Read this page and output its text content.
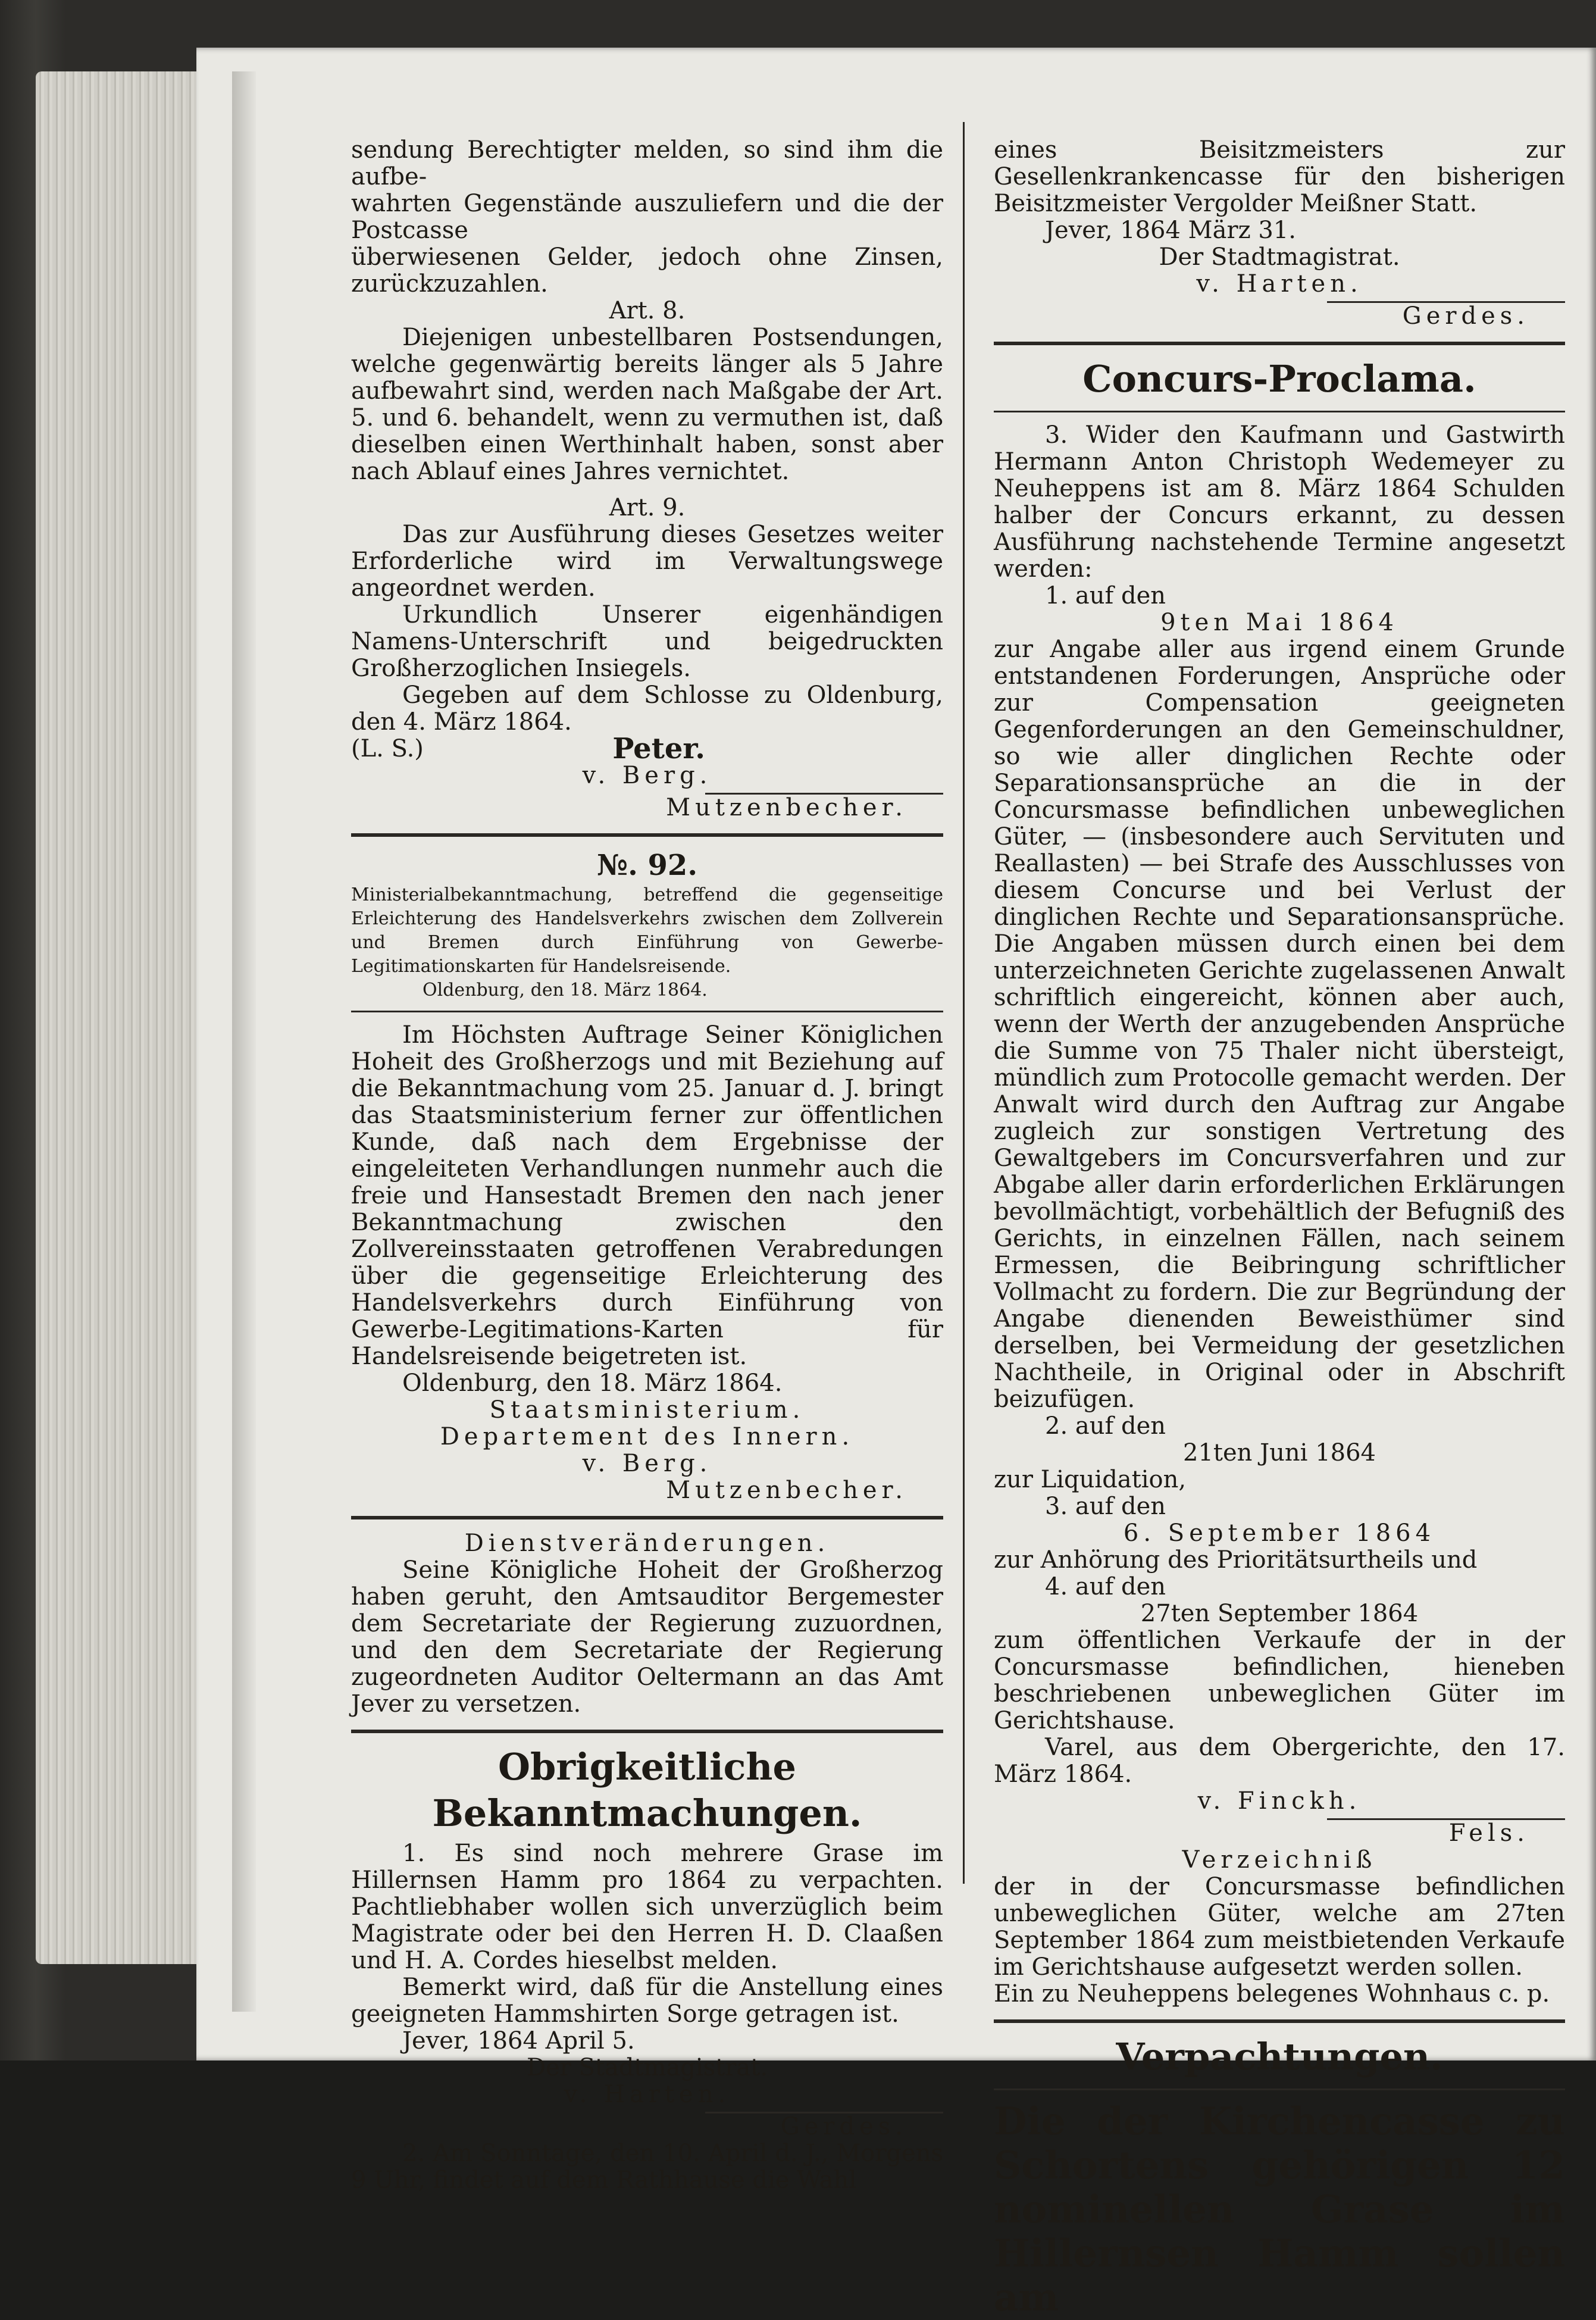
sendung Berechtigter melden, so sind ihm die aufbe-

wahrten Gegenstände auszuliefern und die der Postcasse

überwiesenen Gelder, jedoch ohne Zinsen, zurückzuzahlen.

Art. 8.

Diejenigen unbestellbaren Postsendungen, welche gegenwärtig bereits länger als 5 Jahre aufbewahrt sind, werden nach Maßgabe der Art. 5. und 6. behandelt, wenn zu vermuthen ist, daß dieselben einen Werthinhalt haben, sonst aber nach Ablauf eines Jahres vernichtet.

Art. 9.

Das zur Ausführung dieses Gesetzes weiter Erforderliche wird im Verwaltungswege angeordnet werden.

Urkundlich Unserer eigenhändigen Namens-Unterschrift und beigedruckten Großherzoglichen Insiegels.

Gegeben auf dem Schlosse zu Oldenburg, den 4. März 1864.

(L. S.)	Peter.

v. Berg.

Mutzenbecher.

№. 92.

Ministerialbekanntmachung, betreffend die gegenseitige Erleichterung des Handelsverkehrs zwischen dem Zollverein und Bremen durch Einführung von Gewerbe-Legitimationskarten für Handelsreisende.

Oldenburg, den 18. März 1864.

Im Höchsten Auftrage Seiner Königlichen Hoheit des Großherzogs und mit Beziehung auf die Bekanntmachung vom 25. Januar d. J. bringt das Staatsministerium ferner zur öffentlichen Kunde, daß nach dem Ergebnisse der eingeleiteten Verhandlungen nunmehr auch die freie und Hansestadt Bremen den nach jener Bekanntmachung zwischen den Zollvereinsstaaten getroffenen Verabredungen über die gegenseitige Erleichterung des Handelsverkehrs durch Einführung von Gewerbe-Legitimations-Karten für Handelsreisende beigetreten ist.

Oldenburg, den 18. März 1864.

Staatsministerium.

Departement des Innern.

v. Berg.

Mutzenbecher.

Dienstveränderungen.

Seine Königliche Hoheit der Großherzog haben geruht, den Amtsauditor Bergemester dem Secretariate der Regierung zuzuordnen, und den dem Secretariate der Regierung zugeordneten Auditor Oeltermann an das Amt Jever zu versetzen.

Obrigkeitliche Bekanntmachungen.

1. Es sind noch mehrere Grase im Hillernsen Hamm pro 1864 zu verpachten. Pachtliebhaber wollen sich unverzüglich beim Magistrate oder bei den Herren H. D. Claaßen und H. A. Cordes hieselbst melden.

Bemerkt wird, daß für die Anstellung eines geeigneten Hammshirten Sorge getragen ist.

Jever, 1864 April 5.

Der Stadtmagistrat.

v. Harten.

Gerdes.

2. Am Sonntage, den 10. April d. J., Morgens 9 Uhr, findet auf dem Rathhause die Wahl

eines Beisitzmeisters zur Gesellenkrankencasse für den bisherigen Beisitzmeister Vergolder Meißner Statt.

Jever, 1864 März 31.

Der Stadtmagistrat.

v. Harten.

Gerdes.

Concurs-Proclama.

3. Wider den Kaufmann und Gastwirth Hermann Anton Christoph Wedemeyer zu Neuheppens ist am 8. März 1864 Schulden halber der Concurs erkannt, zu dessen Ausführung nachstehende Termine angesetzt werden:

1. auf den

9ten Mai 1864

zur Angabe aller aus irgend einem Grunde entstandenen Forderungen, Ansprüche oder zur Compensation geeigneten Gegenforderungen an den Gemeinschuldner, so wie aller dinglichen Rechte oder Separationsansprüche an die in der Concursmasse befindlichen unbeweglichen Güter, — (insbesondere auch Servituten und Reallasten) — bei Strafe des Ausschlusses von diesem Concurse und bei Verlust der dinglichen Rechte und Separationsansprüche. Die Angaben müssen durch einen bei dem unterzeichneten Gerichte zugelassenen Anwalt schriftlich eingereicht, können aber auch, wenn der Werth der anzugebenden Ansprüche die Summe von 75 Thaler nicht übersteigt, mündlich zum Protocolle gemacht werden. Der Anwalt wird durch den Auftrag zur Angabe zugleich zur sonstigen Vertretung des Gewaltgebers im Concursverfahren und zur Abgabe aller darin erforderlichen Erklärungen bevollmächtigt, vorbehältlich der Befugniß des Gerichts, in einzelnen Fällen, nach seinem Ermessen, die Beibringung schriftlicher Vollmacht zu fordern. Die zur Begründung der Angabe dienenden Beweisthümer sind derselben, bei Vermeidung der gesetzlichen Nachtheile, in Original oder in Abschrift beizufügen.

2. auf den

21ten Juni 1864

zur Liquidation,

3. auf den

6. September 1864

zur Anhörung des Prioritätsurtheils und

4. auf den

27ten September 1864

zum öffentlichen Verkaufe der in der Concursmasse befindlichen, hieneben beschriebenen unbeweglichen Güter im Gerichtshause.

Varel, aus dem Obergerichte, den 17. März 1864.

v. Finckh.

Fels.

Verzeichniß

der in der Concursmasse befindlichen unbeweglichen Güter, welche am 27ten September 1864 zum meistbietenden Verkaufe im Gerichtshause aufgesetzt werden sollen.

Ein zu Neuheppens belegenes Wohnhaus c. p.

Verpachtungen.

Die der Kirchencasse zu Schortens gehörigen 12 nominellen Grase im Hillernsen Hamm sollen am
